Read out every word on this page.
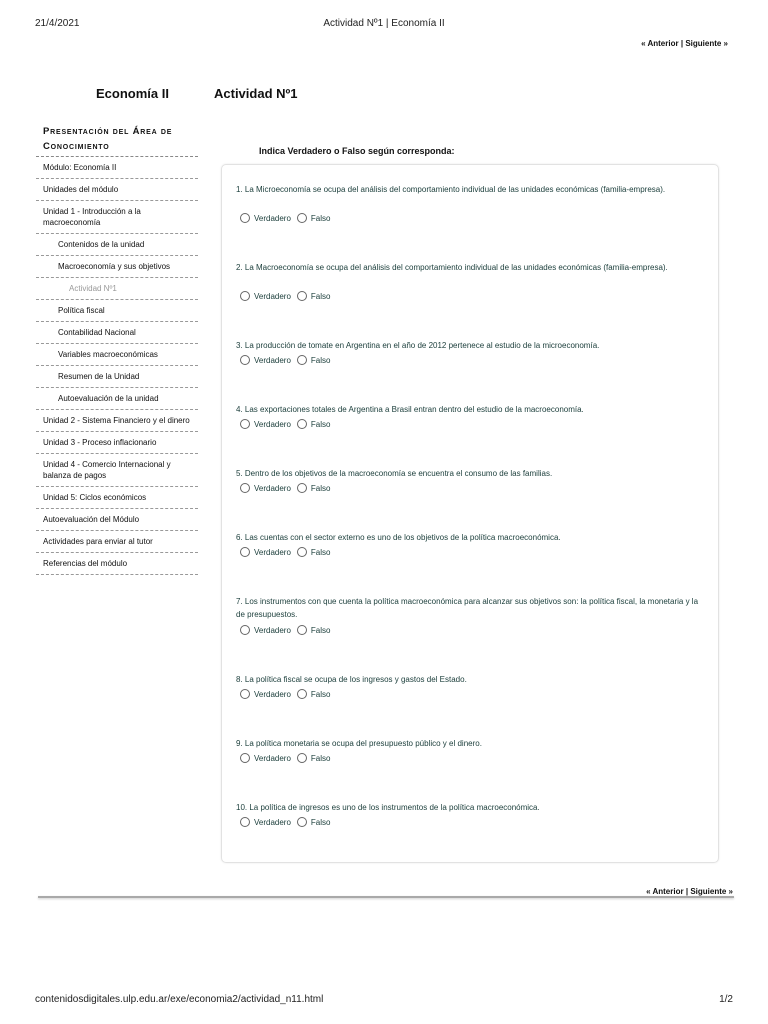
21/4/2021	Actividad Nº1 | Economía II
« Anterior | Siguiente »
Economía II	Actividad Nº1
Presentación del Área de Conocimiento
Módulo: Economía II
Unidades del módulo
Unidad 1 - Introducción a la macroeconomía
Contenidos de la unidad
Macroeconomía y sus objetivos
Actividad Nº1
Política fiscal
Contabilidad Nacional
Variables macroeconómicas
Resumen de la Unidad
Autoevaluación de la unidad
Unidad 2 - Sistema Financiero y el dinero
Unidad 3 - Proceso inflacionario
Unidad 4 - Comercio Internacional y balanza de pagos
Unidad 5: Ciclos económicos
Autoevaluación del Módulo
Actividades para enviar al tutor
Referencias del módulo
Indica Verdadero o Falso según corresponda:
1. La Microeconomía se ocupa del análisis del comportamiento individual de las unidades económicas (familia-empresa).
Verdadero	Falso
2. La Macroeconomía se ocupa del análisis del comportamiento individual de las unidades económicas (familia-empresa).
Verdadero	Falso
3. La producción de tomate en Argentina en el año de 2012 pertenece al estudio de la microeconomía.
Verdadero	Falso
4. Las exportaciones totales de Argentina a Brasil entran dentro del estudio de la macroeconomía.
Verdadero	Falso
5. Dentro de los objetivos de la macroeconomía se encuentra el consumo de las familias.
Verdadero	Falso
6. Las cuentas con el sector externo es uno de los objetivos de la política macroeconómica.
Verdadero	Falso
7. Los instrumentos con que cuenta la política macroeconómica para alcanzar sus objetivos son: la política fiscal, la monetaria y la de presupuestos.
Verdadero	Falso
8. La política fiscal se ocupa de los ingresos y gastos del Estado.
Verdadero	Falso
9. La política monetaria se ocupa del presupuesto público y el dinero.
Verdadero	Falso
10. La política de ingresos es uno de los instrumentos de la política macroeconómica.
Verdadero	Falso
« Anterior | Siguiente »
contenidosdigitales.ulp.edu.ar/exe/economia2/actividad_n11.html	1/2
